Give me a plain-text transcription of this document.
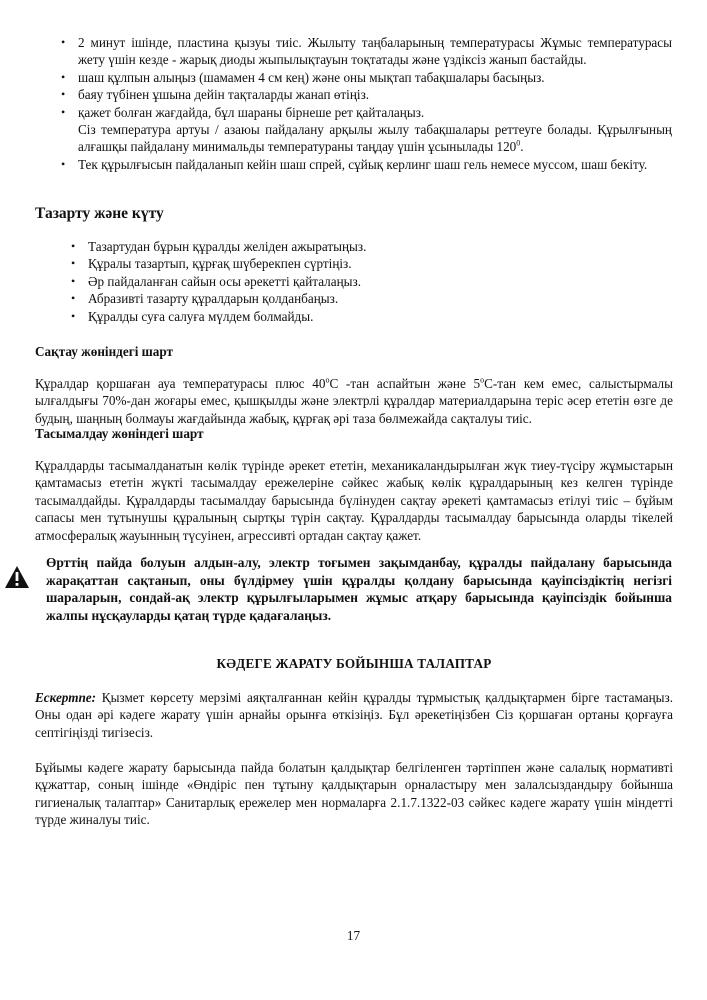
• 2 минут ішінде, пластина қызуы тиіс. Жылыту таңбаларының температурасы Жұмыс температурасы жету үшін кезде - жарық диоды жыпылықтауын тоқтатады және үздіксіз жанып бастайды.
• шаш құлпын алыңыз (шамамен 4 см кең) және оны мықтап табақшалары басыңыз.
• баяу түбінен ұшына дейін тақталарды жанап өтіңіз.
• қажет болған жағдайда, бұл шараны бірнеше рет қайталаңыз.
Сіз температура артуы / азаюы пайдалану арқылы жылу табақшалары реттеуге болады. Құрылғының алғашқы пайдалану минимальды температураны таңдау үшін ұсынылады $120^0$.
• Тек құрылғысын пайдаланып кейін шаш спрей, сұйық керлинг шаш гель немесе муссом, шаш бекіту.
Тазарту және күту
• Тазартудан бұрын құралды желіден ажыратыңыз.
• Құралы тазартып, құрғақ шүберекпен сүртіңіз.
• Әр пайдаланған сайын осы әрекетті қайталаңыз.
• Абразивті тазарту құралдарын қолданбаңыз.
• Құралды суға салуға мүлдем болмайды.
Сақтау жөніндегі шарт
Құралдар қоршаған ауа температурасы плюс $40^оС$ -тан аспайтын және $5^оС$-тан кем емес, салыстырмалы ылғалдығы 70%-дан жоғары емес, қышқылды және электрлі құралдар материалдарына теріс әсер ететін өзге де будың, шаңның болмауы жағдайында жабық, құрғақ әрі таза бөлмежайда сақталуы тиіс.
Тасымалдау жөніндегі шарт
Құралдарды тасымалданатын көлік түрінде әрекет ететін, механикаландырылған жүк тиеу-түсіру жұмыстарын қамтамасыз ететін жүкті тасымалдау ережелеріне сәйкес жабық көлік құралдарының кез келген түрінде тасымалдайды. Құралдарды тасымалдау барысында бүлінуден сақтау әрекеті қамтамасыз етілуі тиіс – бұйым сапасы мен тұтынушы құралының сыртқы түрін сақтау. Құралдарды тасымалдау барысында оларды тікелей атмосфералық жауынның түсуінен, агрессивті ортадан сақтау қажет.
Өрттің пайда болуын алдын-алу, электр тоғымен зақымданбау, құралды пайдалану барысында жарақаттан сақтанып, оны бүлдірмеу үшін құралды қолдану барысында қауіпсіздіктің негізгі шараларын, сондай-ақ электр құрылғыларымен жұмыс атқару барысында қауіпсіздік бойынша жалпы нұсқауларды қатаң түрде қадағалаңыз.
КӘДЕГЕ ЖАРАТУ БОЙЫНША ТАЛАПТАР
Ескертпе: Қызмет көрсету мерзімі аяқталғаннан кейін құралды тұрмыстық қалдықтармен бірге тастамаңыз. Оны одан әрі кәдеге жарату үшін арнайы орынға өткізіңіз. Бұл әрекетіңізбен Сіз қоршаған ортаны қорғауға септігіңізді тигізесіз.
Бұйымы кәдеге жарату барысында пайда болатын қалдықтар белгіленген тәртіппен және салалық нормативті құжаттар, соның ішінде «Өндіріс пен тұтыну қалдықтарын орналастыру мен залалсыздандыру бойынша гигиеналық талаптар» Санитарлық ережелер мен нормаларға 2.1.7.1322-03 сәйкес кәдеге жарату үшін міндетті түрде жиналуы тиіс.
17
